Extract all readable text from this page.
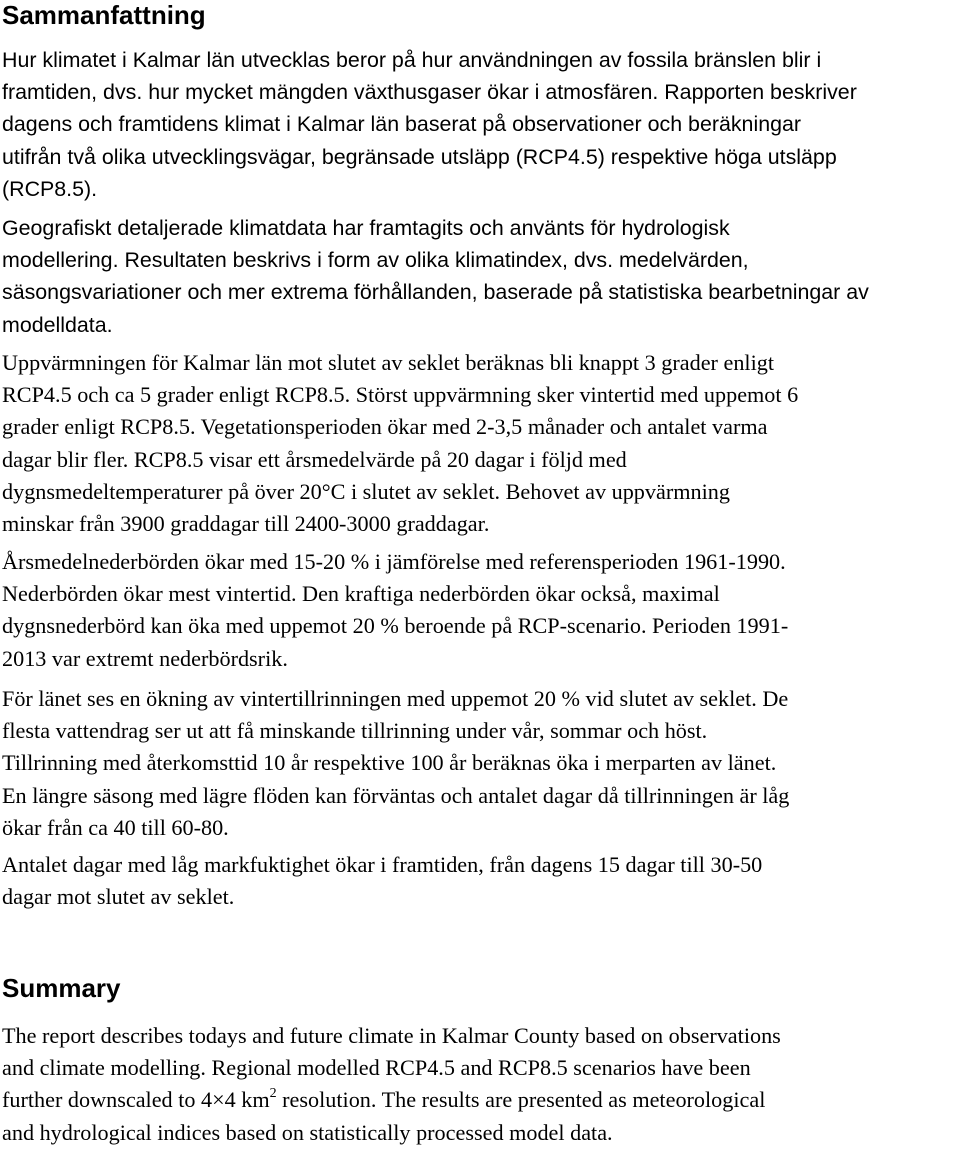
Sammanfattning

Hur klimatet i Kalmar län utvecklas beror på hur användningen av fossila bränslen blir i
framtiden, dvs. hur mycket mängden växthusgaser ökar i atmosfären. Rapporten beskriver
dagens och framtidens klimat i Kalmar län baserat på observationer och beräkningar
utifrån två olika utvecklingsvägar, begränsade utsläpp (RCP4.5) respektive höga utsläpp
(RCP8.5).

Geografiskt detaljerade klimatdata har framtagits och använts för hydrologisk
modellering. Resultaten beskrivs i form av olika klimatindex, dvs. medelvärden,
säsongsvariationer och mer extrema förhållanden, baserade på statistiska bearbetningar av
modelldata.

Uppvärmningen för Kalmar län mot slutet av seklet beräknas bli knappt 3 grader enligt
RCP4.5 och ca 5 grader enligt RCP8.5. Störst uppvärmning sker vintertid med uppemot 6
grader enligt RCP8.5. Vegetationsperioden ökar med 2-3,5 månader och antalet varma
dagar blir fler. RCP8.5 visar ett årsmedelvärde på 20 dagar i följd med
dygnsmedeltemperaturer på över 20°C i slutet av seklet. Behovet av uppvärmning
minskar från 3900 graddagar till 2400-3000 graddagar.

Årsmedelnederbörden ökar med 15-20 % i jämförelse med referensperioden 1961-1990.
Nederbörden ökar mest vintertid. Den kraftiga nederbörden ökar också, maximal
dygnsnederbörd kan öka med uppemot 20 % beroende på RCP-scenario. Perioden 1991-
2013 var extremt nederbördsrik.

För länet ses en ökning av vintertillrinningen med uppemot 20 % vid slutet av seklet. De
flesta vattendrag ser ut att få minskande tillrinning under vår, sommar och höst.
Tillrinning med återkomsttid 10 år respektive 100 år beräknas öka i merparten av länet.
En längre säsong med lägre flöden kan förväntas och antalet dagar då tillrinningen är låg
ökar från ca 40 till 60-80.

Antalet dagar med låg markfuktighet ökar i framtiden, från dagens 15 dagar till 30-50
dagar mot slutet av seklet.

Summary

The report describes todays and future climate in Kalmar County based on observations
and climate modelling. Regional modelled RCP4.5 and RCP8.5 scenarios have been
further downscaled to 4×4 $km^2$ resolution. The results are presented as meteorological
and hydrological indices based on statistically processed model data.
